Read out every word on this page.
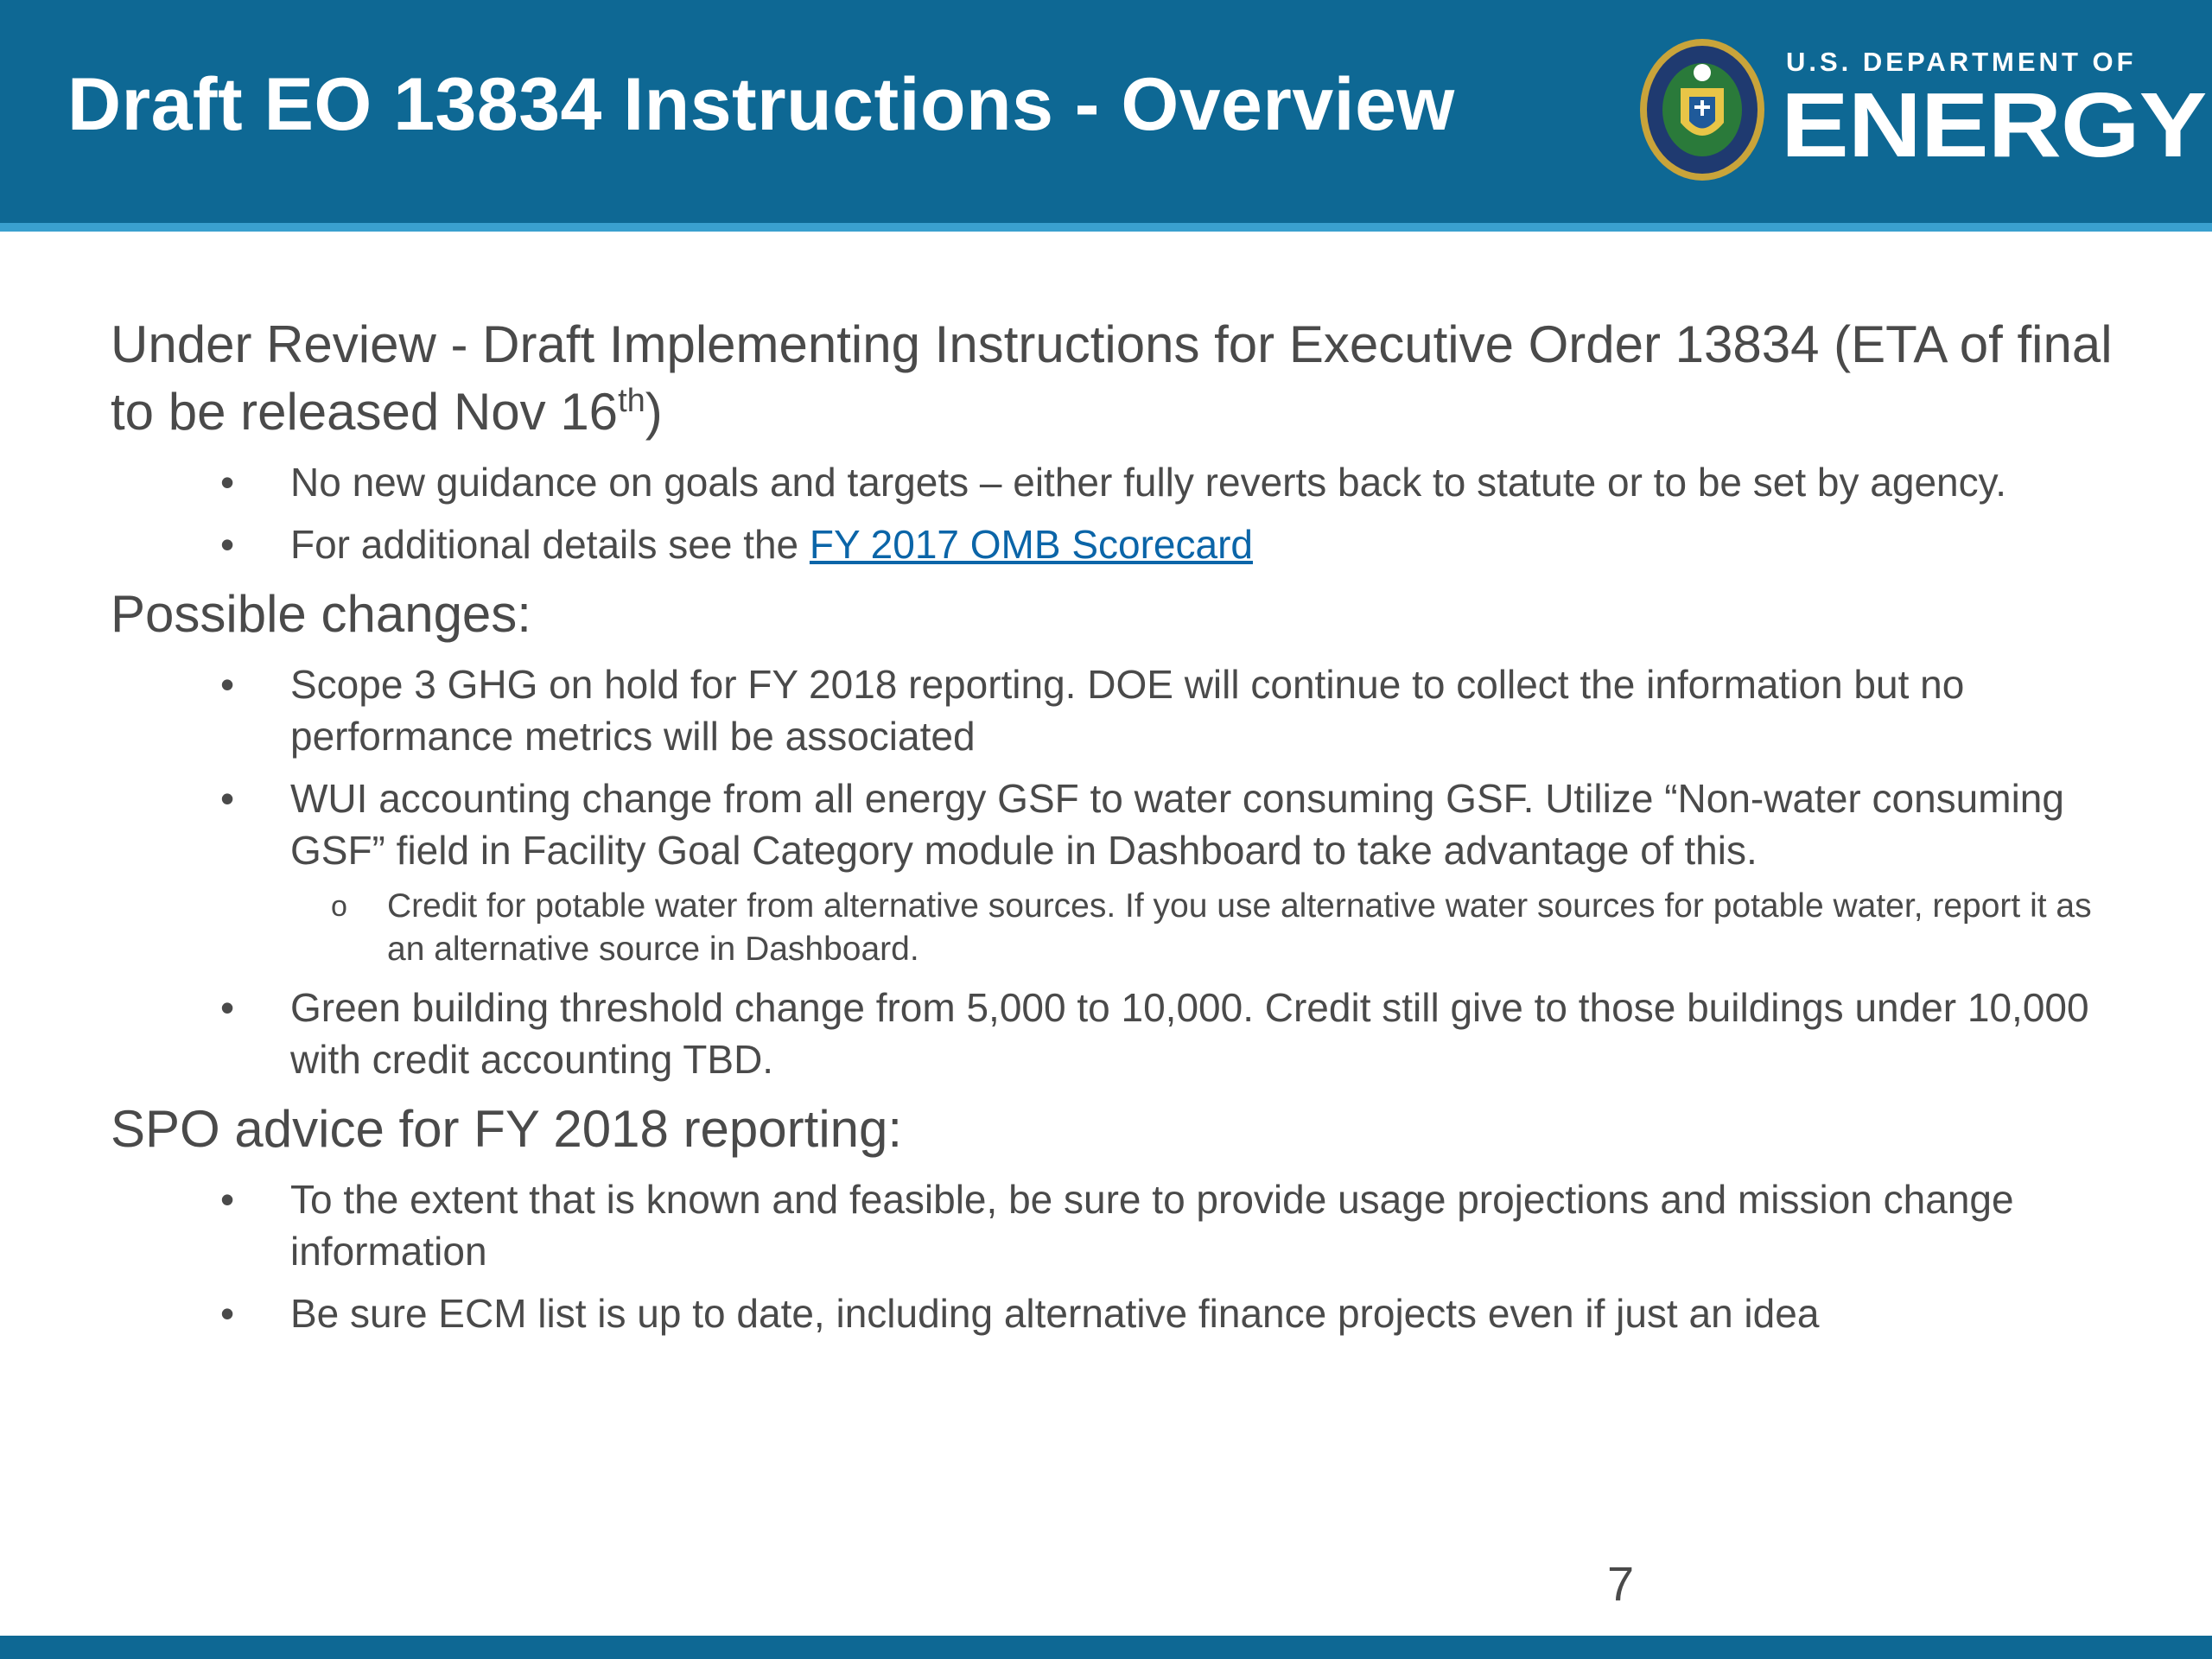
Draft EO 13834 Instructions - Overview
U.S. DEPARTMENT OF
ENERGY
Under Review - Draft Implementing Instructions for Executive Order 13834 (ETA of final to be released Nov 16th)
• No new guidance on goals and targets – either fully reverts back to statute or to be set by agency.
• For additional details see the FY 2017 OMB Scorecard
Possible changes:
• Scope 3 GHG on hold for FY 2018 reporting. DOE will continue to collect the information but no performance metrics will be associated
• WUI accounting change from all energy GSF to water consuming GSF. Utilize “Non-water consuming GSF” field in Facility Goal Category module in Dashboard to take advantage of this.
o Credit for potable water from alternative sources. If you use alternative water sources for potable water, report it as an alternative source in Dashboard.
• Green building threshold change from 5,000 to 10,000. Credit still give to those buildings under 10,000 with credit accounting TBD.
SPO advice for FY 2018 reporting:
• To the extent that is known and feasible, be sure to provide usage projections and mission change information
• Be sure ECM list is up to date, including alternative finance projects even if just an idea
7
